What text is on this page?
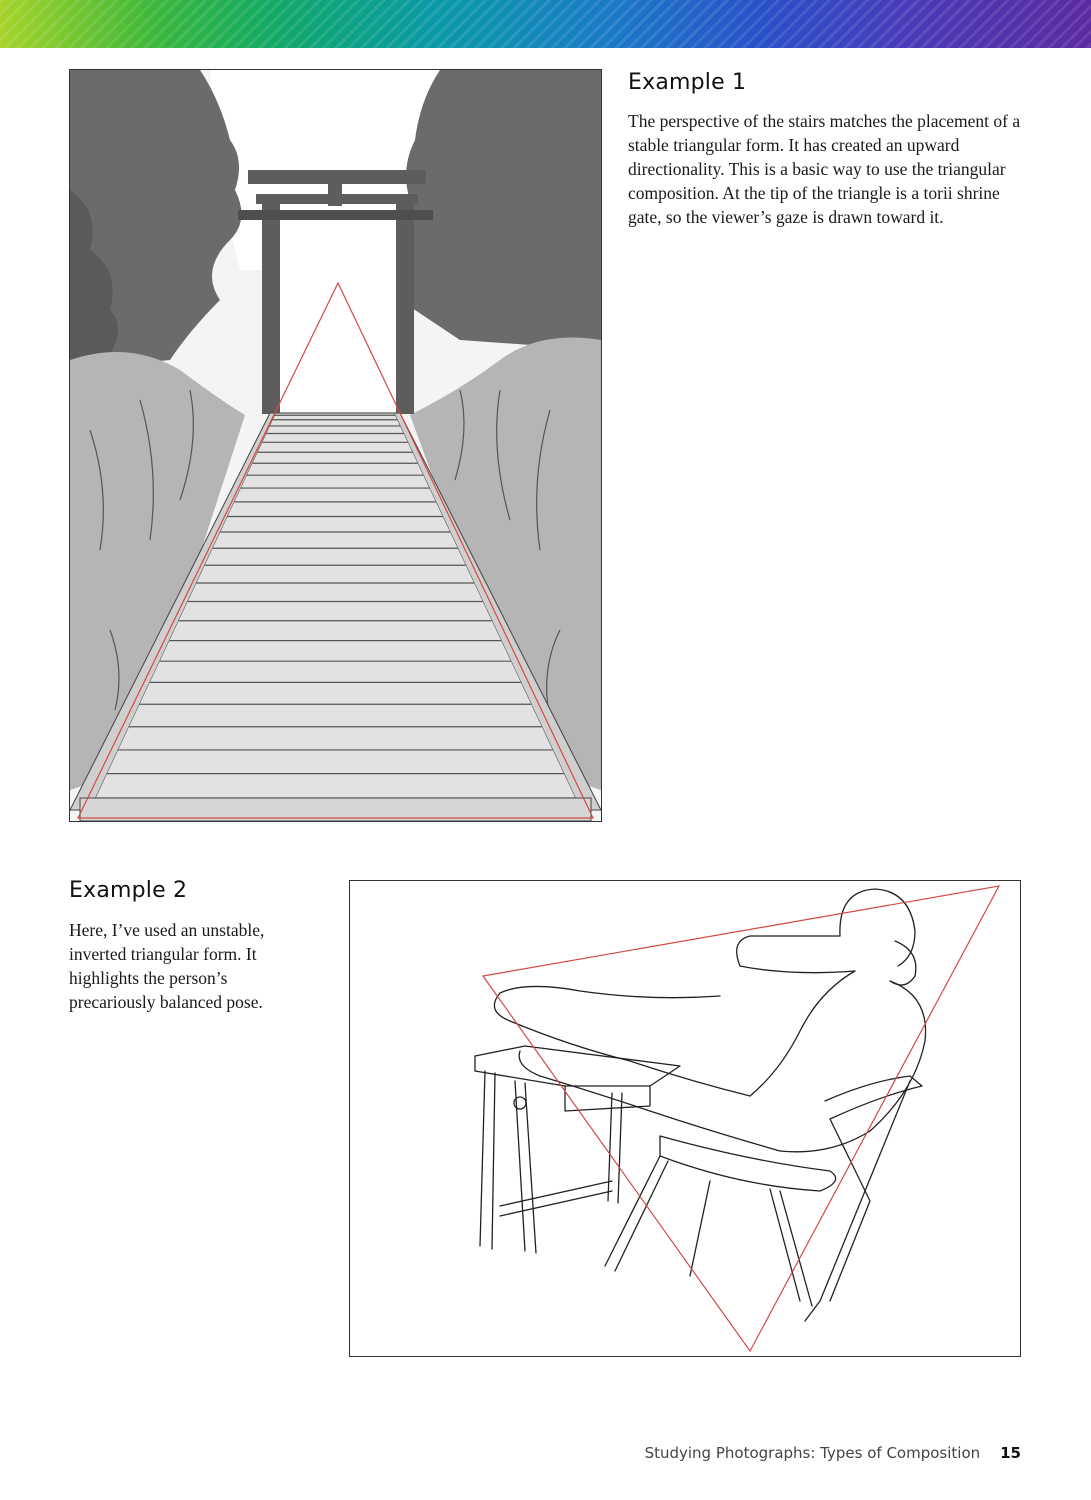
Example 1

The perspective of the stairs matches the placement of a stable triangular form. It has created an upward directionality. This is a basic way to use the triangular composition. At the tip of the triangle is a torii shrine gate, so the viewer’s gaze is drawn toward it.

Example 2

Here, I’ve used an unstable, inverted triangular form. It highlights the person’s precariously balanced pose.

Studying Photographs: Types of Composition 15
